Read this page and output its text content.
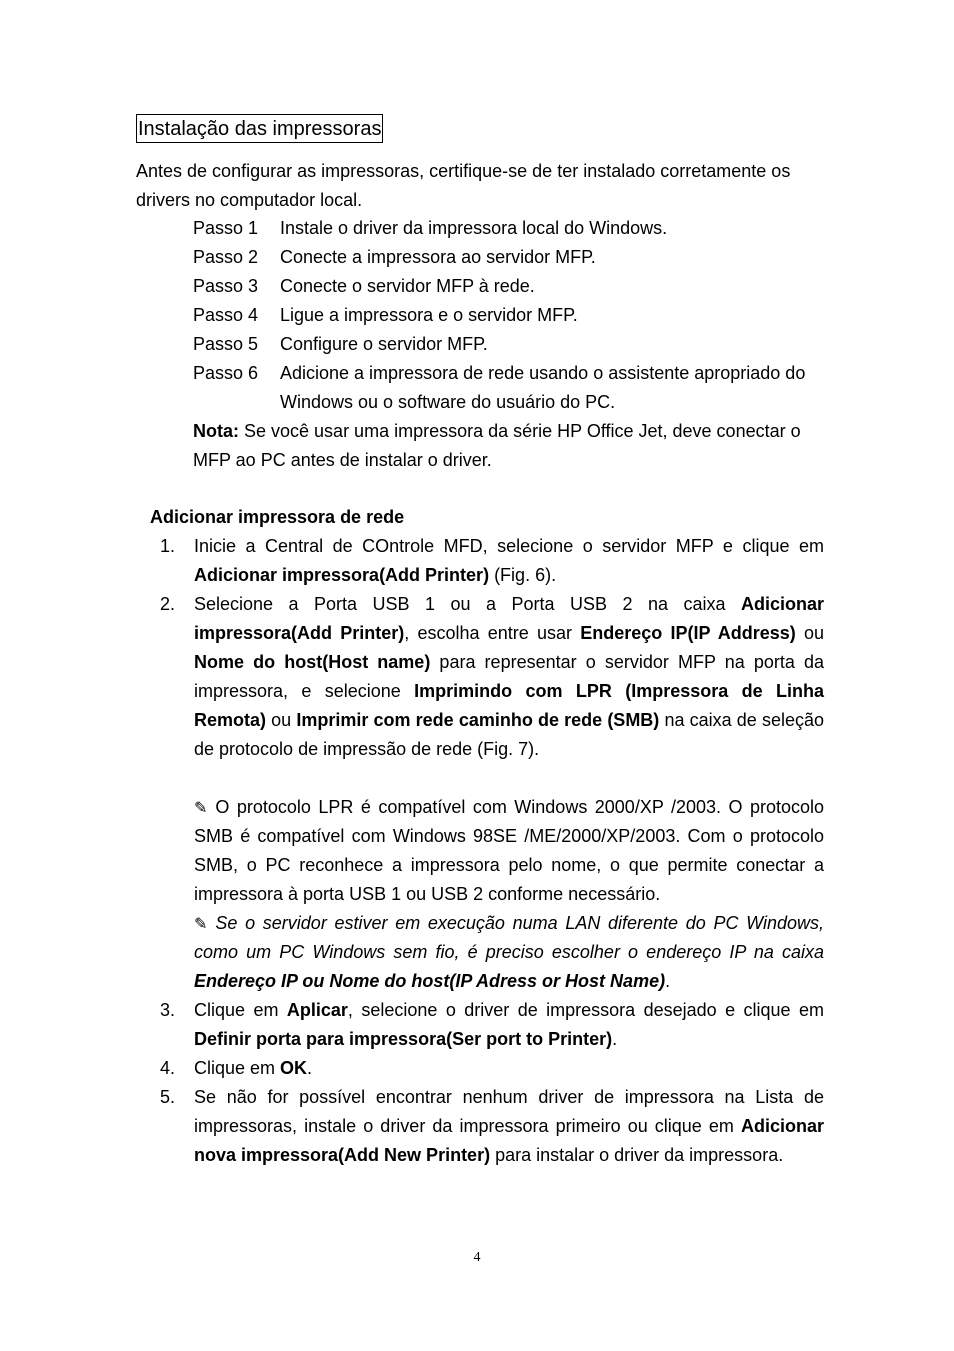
Instalação das impressoras

Antes de configurar as impressoras, certifique-se de ter instalado corretamente os drivers no computador local.

Passo 1	Instale o driver da impressora local do Windows.
Passo 2	Conecte a impressora ao servidor MFP.
Passo 3	Conecte o servidor MFP à rede.
Passo 4	Ligue a impressora e o servidor MFP.
Passo 5	Configure o servidor MFP.
Passo 6	Adicione a impressora de rede usando o assistente apropriado do Windows ou o software do usuário do PC.

Nota: Se você usar uma impressora da série HP Office Jet, deve conectar o MFP ao PC antes de instalar o driver.

Adicionar impressora de rede

1.	Inicie a Central de COntrole MFD, selecione o servidor MFP e clique em Adicionar impressora(Add Printer) (Fig. 6).
2.	Selecione a Porta USB 1 ou a Porta USB 2 na caixa Adicionar impressora(Add Printer), escolha entre usar Endereço IP(IP Address) ou Nome do host(Host name) para representar o servidor MFP na porta da impressora, e selecione Imprimindo com LPR (Impressora de Linha Remota) ou Imprimir com rede caminho de rede (SMB) na caixa de seleção de protocolo de impressão de rede (Fig. 7).
✎ O protocolo LPR é compatível com Windows 2000/XP /2003. O protocolo SMB é compatível com Windows 98SE /ME/2000/XP/2003. Com o protocolo SMB, o PC reconhece a impressora pelo nome, o que permite conectar a impressora à porta USB 1 ou USB 2 conforme necessário.
✎ Se o servidor estiver em execução numa LAN diferente do PC Windows, como um PC Windows sem fio, é preciso escolher o endereço IP na caixa Endereço IP ou Nome do host(IP Adress or Host Name).
3.	Clique em Aplicar, selecione o driver de impressora desejado e clique em Definir porta para impressora(Ser port to Printer).
4.	Clique em OK.
5.	Se não for possível encontrar nenhum driver de impressora na Lista de impressoras, instale o driver da impressora primeiro ou clique em Adicionar nova impressora(Add New Printer) para instalar o driver da impressora.
4
